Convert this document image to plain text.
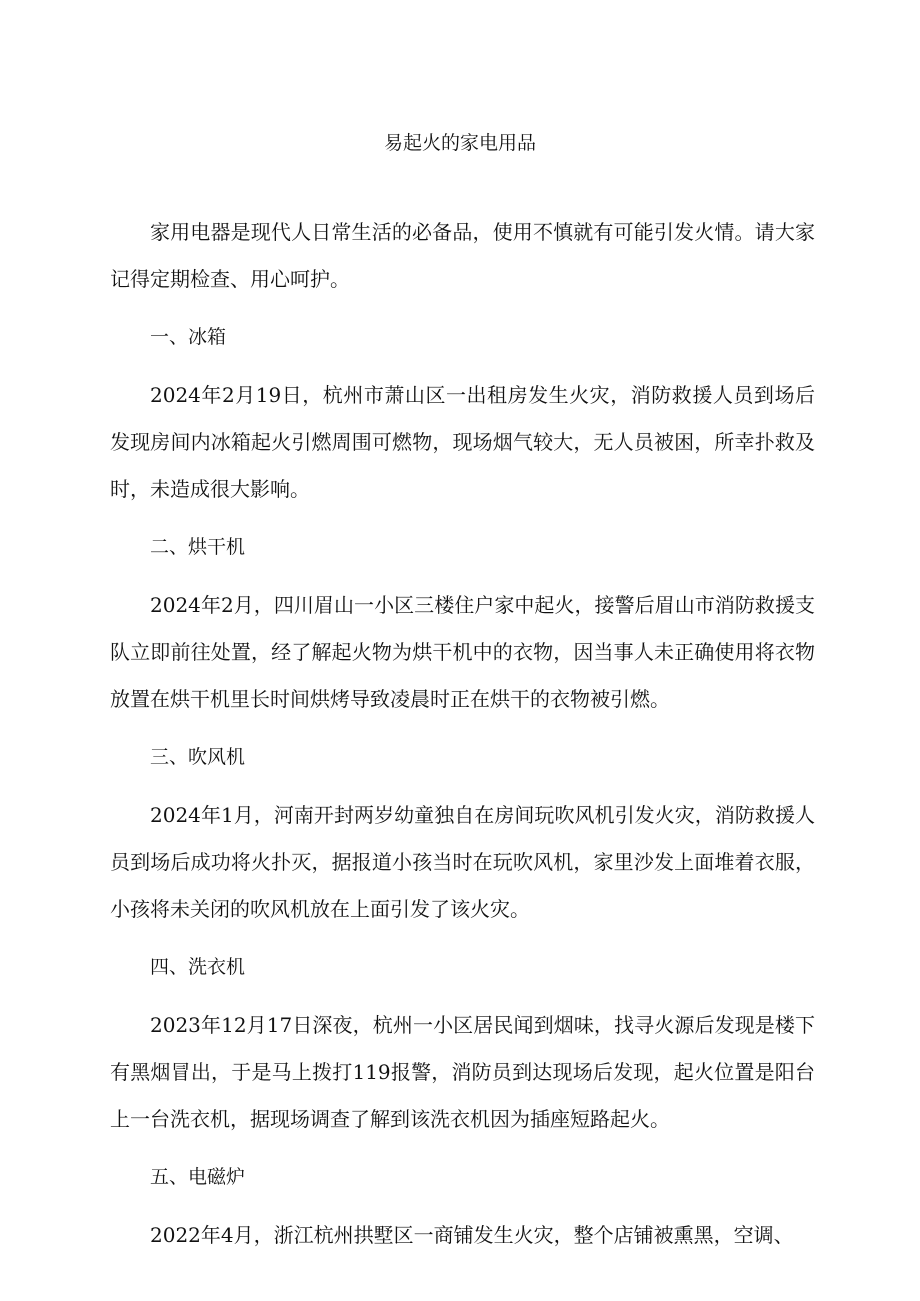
易起火的家电用品

家用电器是现代人日常生活的必备品，使用不慎就有可能引发火情。请大家记得定期检查、用心呵护。

一、冰箱

2024年2月19日，杭州市萧山区一出租房发生火灾，消防救援人员到场后发现房间内冰箱起火引燃周围可燃物，现场烟气较大，无人员被困，所幸扑救及时，未造成很大影响。

二、烘干机

2024年2月，四川眉山一小区三楼住户家中起火，接警后眉山市消防救援支队立即前往处置，经了解起火物为烘干机中的衣物，因当事人未正确使用将衣物放置在烘干机里长时间烘烤导致凌晨时正在烘干的衣物被引燃。

三、吹风机

2024年1月，河南开封两岁幼童独自在房间玩吹风机引发火灾，消防救援人员到场后成功将火扑灭，据报道小孩当时在玩吹风机，家里沙发上面堆着衣服，小孩将未关闭的吹风机放在上面引发了该火灾。

四、洗衣机

2023年12月17日深夜，杭州一小区居民闻到烟味，找寻火源后发现是楼下有黑烟冒出，于是马上拨打119报警，消防员到达现场后发现，起火位置是阳台上一台洗衣机，据现场调查了解到该洗衣机因为插座短路起火。

五、电磁炉

2022年4月，浙江杭州拱墅区一商铺发生火灾，整个店铺被熏黑，空调、
